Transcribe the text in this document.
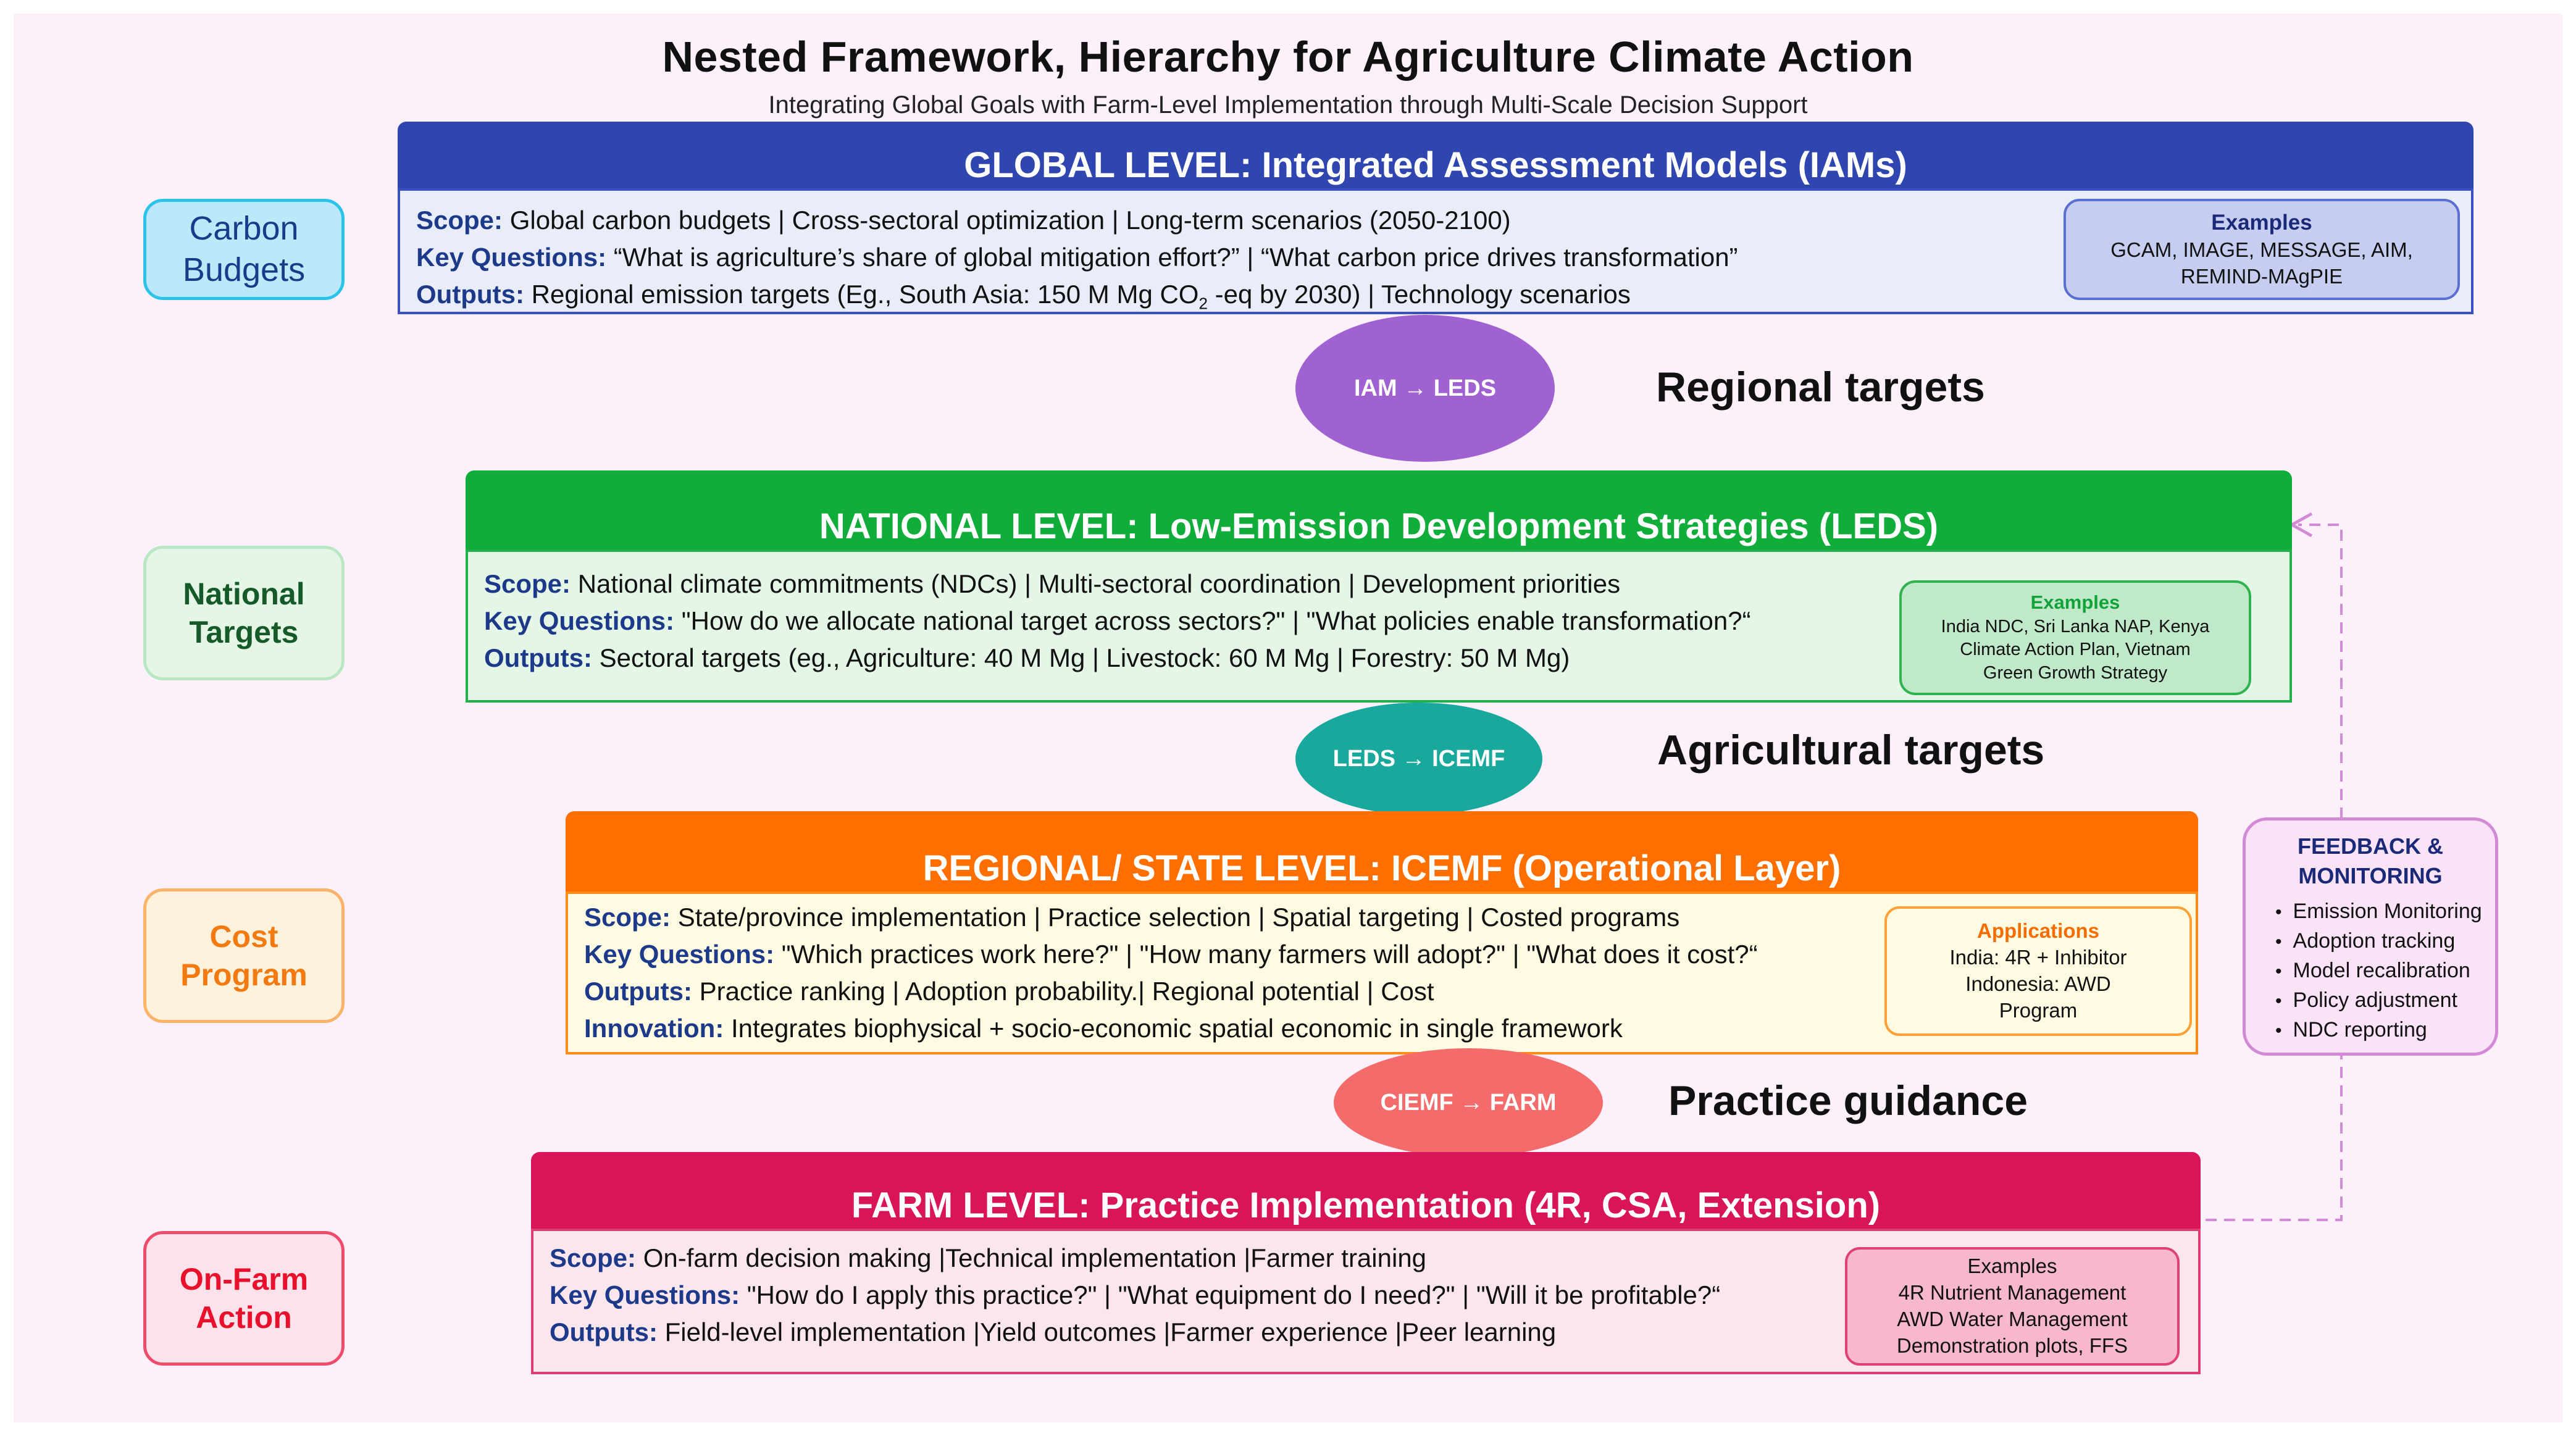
Nested Framework, Hierarchy for Agriculture Climate Action
Integrating Global Goals with Farm-Level Implementation through Multi-Scale Decision Support
Carbon
Budgets
National
Targets
Cost
Program
On-Farm
Action
GLOBAL LEVEL: Integrated Assessment Models (IAMs)
Scope: Global carbon budgets | Cross-sectoral optimization | Long-term scenarios (2050-2100)
Key Questions: “What is agriculture’s share of global mitigation effort?” | “What carbon price drives transformation”
Outputs: Regional emission targets (Eg., South Asia: 150 M Mg $CO_2$ -eq by 2030) | Technology scenarios
Examples
GCAM, IMAGE, MESSAGE, AIM,
REMIND-MAgPIE
IAM → LEDS	Regional targets
NATIONAL LEVEL: Low-Emission Development Strategies (LEDS)
Scope: National climate commitments (NDCs) | Multi-sectoral coordination | Development priorities
Key Questions: "How do we allocate national target across sectors?" | "What policies enable transformation?“
Outputs: Sectoral targets (eg., Agriculture: 40 M Mg | Livestock: 60 M Mg | Forestry: 50 M Mg)
Examples
India NDC, Sri Lanka NAP, Kenya
Climate Action Plan, Vietnam
Green Growth Strategy
LEDS → ICEMF	Agricultural targets
REGIONAL/ STATE LEVEL: ICEMF (Operational Layer)
Scope: State/province implementation | Practice selection | Spatial targeting | Costed programs
Key Questions: "Which practices work here?" | "How many farmers will adopt?" | "What does it cost?“
Outputs: Practice ranking | Adoption probability.| Regional potential | Cost
Innovation: Integrates biophysical + socio-economic spatial economic in single framework
Applications
India: 4R + Inhibitor
Indonesia: AWD
Program
CIEMF → FARM	Practice guidance
FARM LEVEL: Practice Implementation (4R, CSA, Extension)
Scope: On-farm decision making |Technical implementation |Farmer training
Key Questions: "How do I apply this practice?" | "What equipment do I need?" | "Will it be profitable?“
Outputs: Field-level implementation |Yield outcomes |Farmer experience |Peer learning
Examples
4R Nutrient Management
AWD Water Management
Demonstration plots, FFS
FEEDBACK &
MONITORING
• Emission Monitoring
• Adoption tracking
• Model recalibration
• Policy adjustment
• NDC reporting
